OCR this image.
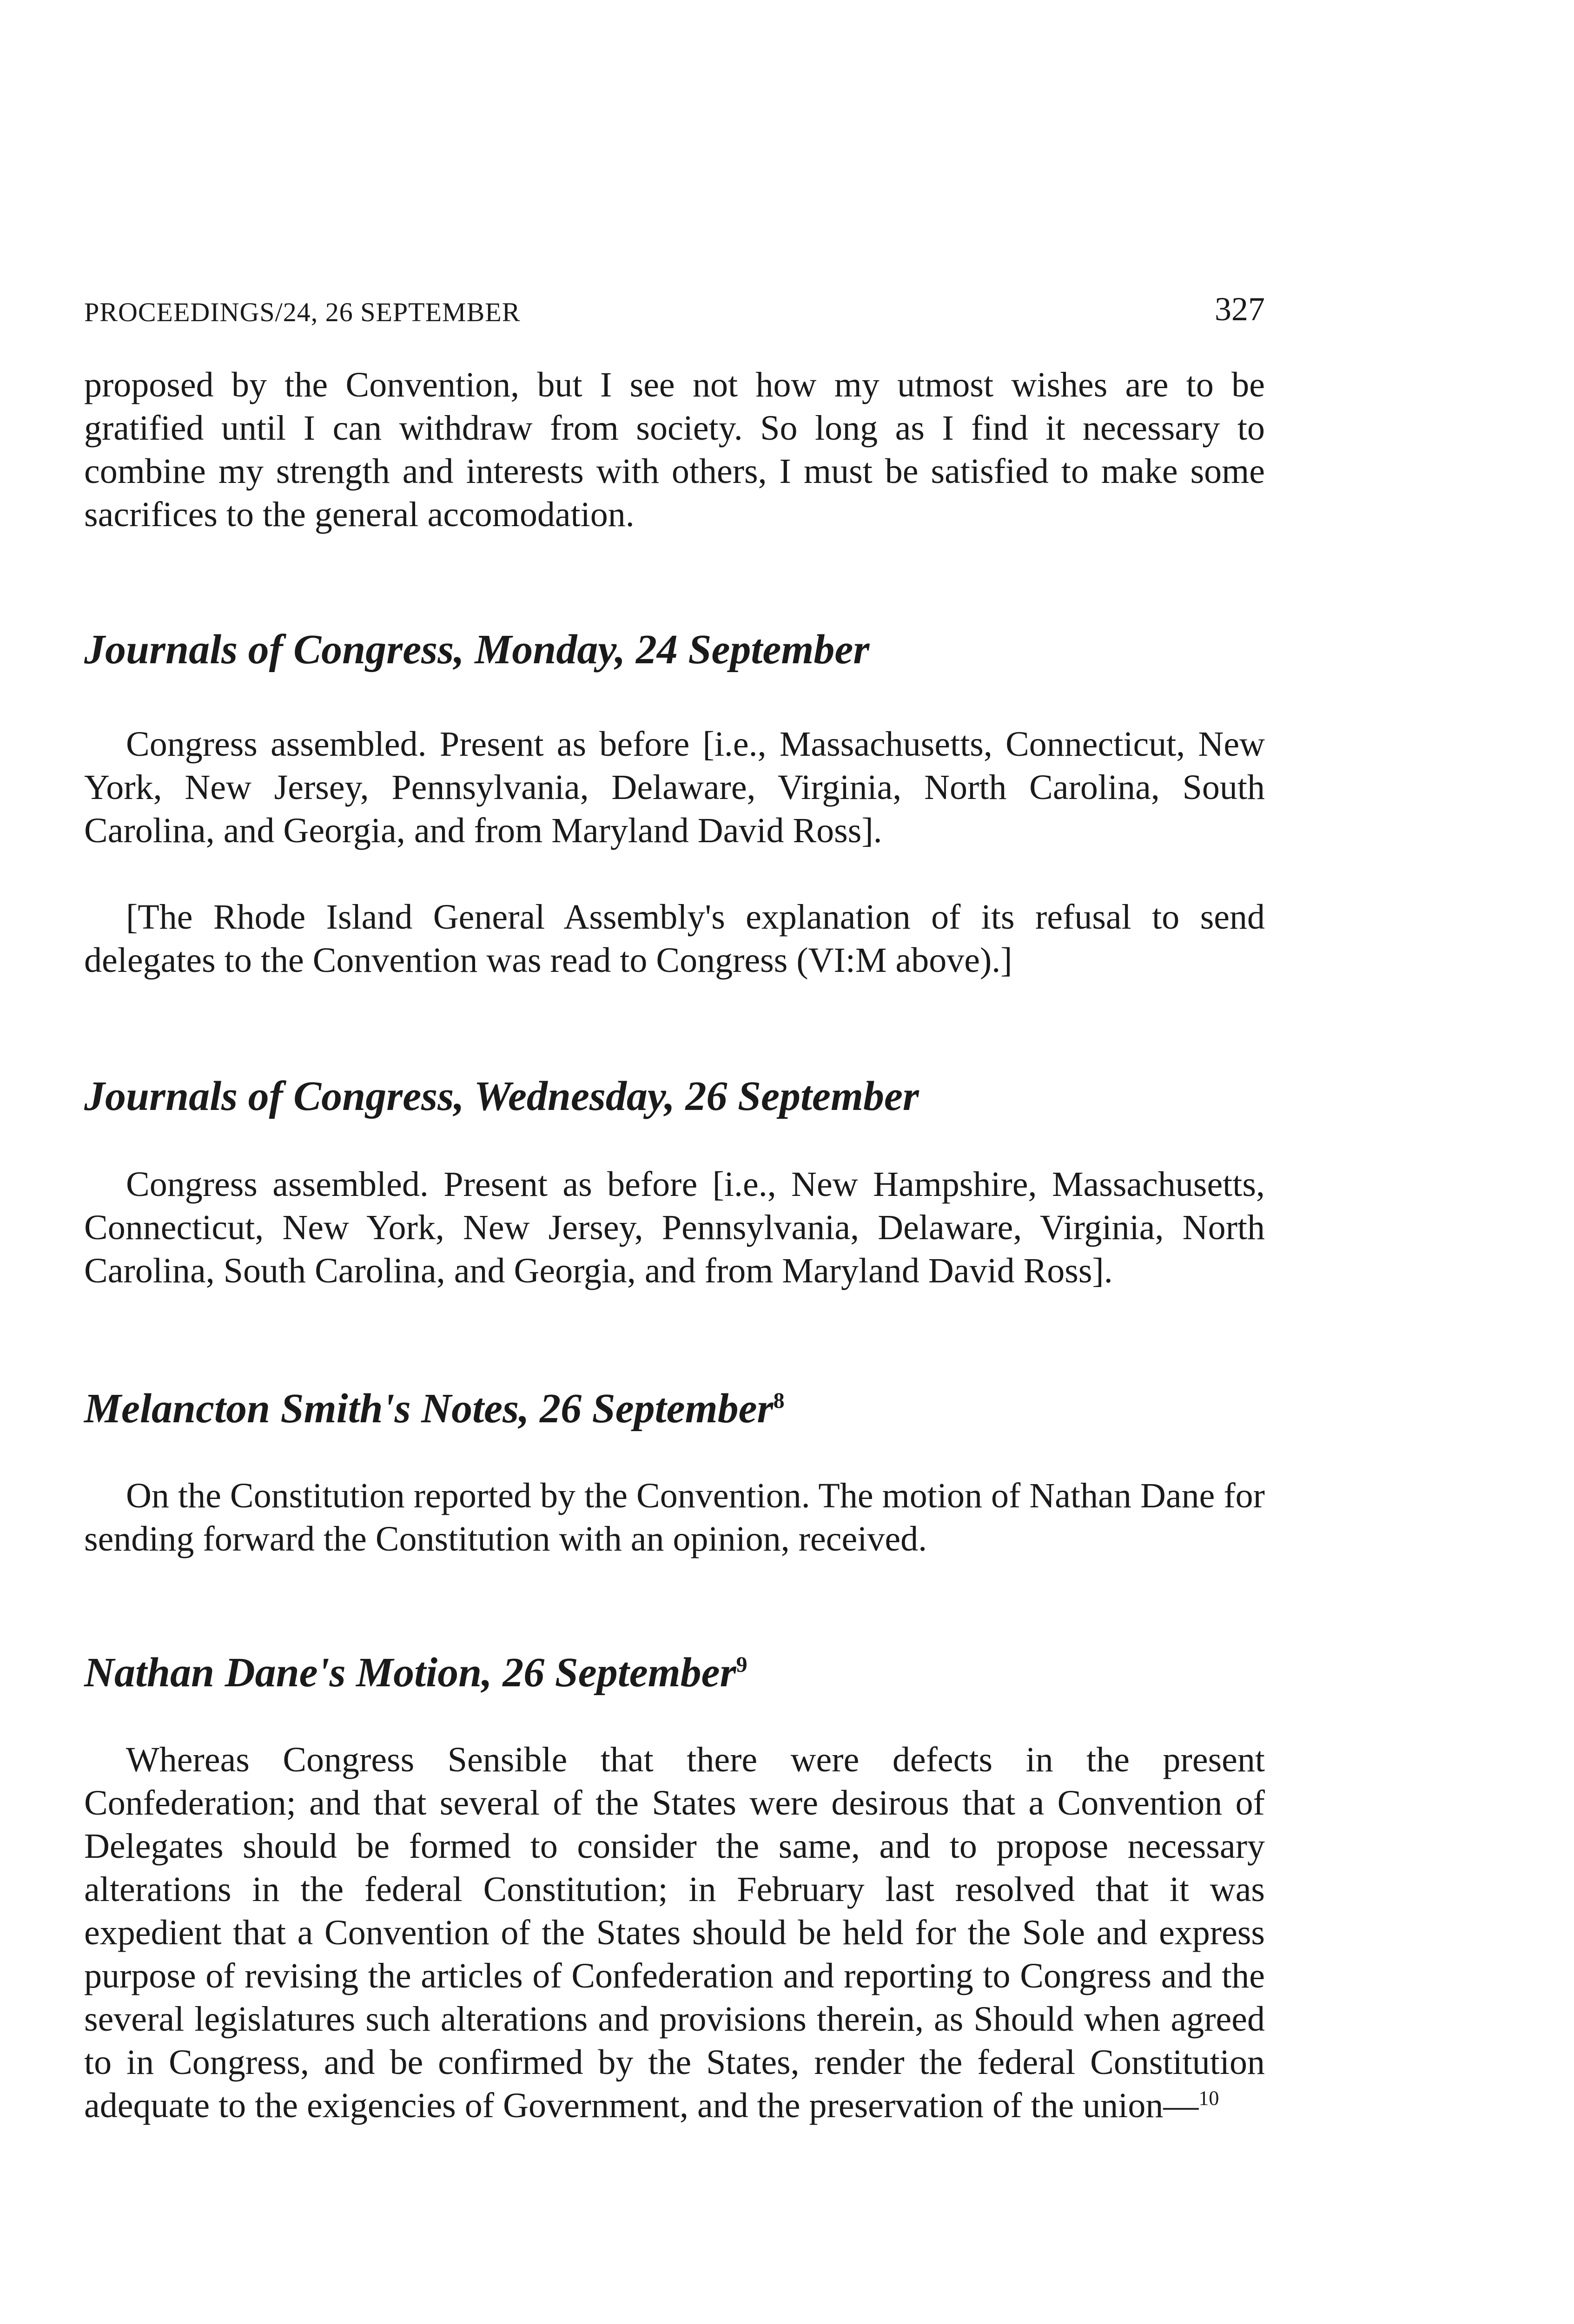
PROCEEDINGS/24, 26 SEPTEMBER	327

proposed by the Convention, but I see not how my utmost wishes are to be gratified until I can withdraw from society. So long as I find it necessary to combine my strength and interests with others, I must be satisfied to make some sacrifices to the general accomodation.

Journals of Congress, Monday, 24 September

Congress assembled. Present as before [i.e., Massachusetts, Connecticut, New York, New Jersey, Pennsylvania, Delaware, Virginia, North Carolina, South Carolina, and Georgia, and from Maryland David Ross].

[The Rhode Island General Assembly's explanation of its refusal to send delegates to the Convention was read to Congress (VI:M above).]

Journals of Congress, Wednesday, 26 September

Congress assembled. Present as before [i.e., New Hampshire, Massachusetts, Connecticut, New York, New Jersey, Pennsylvania, Delaware, Virginia, North Carolina, South Carolina, and Georgia, and from Maryland David Ross].

Melancton Smith's Notes, 26 September$^8$

On the Constitution reported by the Convention. The motion of Nathan Dane for sending forward the Constitution with an opinion, received.

Nathan Dane's Motion, 26 September$^9$

Whereas Congress Sensible that there were defects in the present Confederation; and that several of the States were desirous that a Convention of Delegates should be formed to consider the same, and to propose necessary alterations in the federal Constitution; in February last resolved that it was expedient that a Convention of the States should be held for the Sole and express purpose of revising the articles of Confederation and reporting to Congress and the several legislatures such alterations and provisions therein, as Should when agreed to in Congress, and be confirmed by the States, render the federal Constitution adequate to the exigencies of Government, and the preservation of the union—$^{10}$
